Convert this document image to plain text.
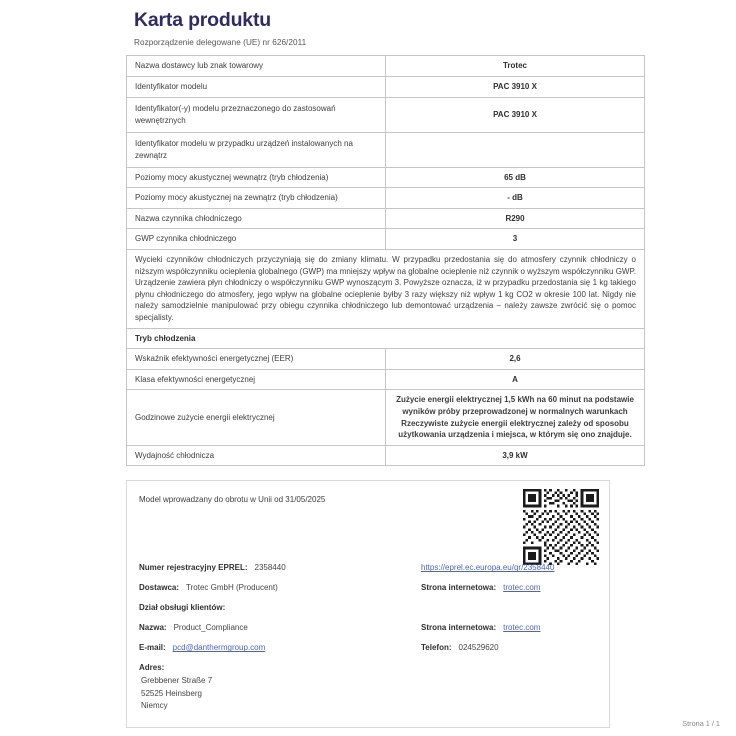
Karta produktu
Rozporządzenie delegowane (UE) nr 626/2011
Nazwa dostawcy lub znak towarowy	Trotec
Identyfikator modelu	PAC 3910 X
Identyfikator(-y) modelu przeznaczonego do zastosowań wewnętrznych	PAC 3910 X
Identyfikator modelu w przypadku urządzeń instalowanych na zewnątrz	
Poziomy mocy akustycznej wewnątrz (tryb chłodzenia)	65 dB
Poziomy mocy akustycznej na zewnątrz (tryb chłodzenia)	- dB
Nazwa czynnika chłodniczego	R290
GWP czynnika chłodniczego	3
Wycieki czynników chłodniczych przyczyniają się do zmiany klimatu. W przypadku przedostania się do atmosfery czynnik chłodniczy o niższym współczynniku ocieplenia globalnego (GWP) ma mniejszy wpływ na globalne ocieplenie niż czynnik o wyższym współczynniku GWP. Urządzenie zawiera płyn chłodniczy o współczynniku GWP wynoszącym 3. Powyższe oznacza, iż w przypadku przedostania się 1 kg takiego płynu chłodniczego do atmosfery, jego wpływ na globalne ocieplenie byłby 3 razy większy niż wpływ 1 kg CO2 w okresie 100 lat. Nigdy nie należy samodzielnie manipulować przy obiegu czynnika chłodniczego lub demontować urządzenia – należy zawsze zwrócić się o pomoc specjalisty.	
Tryb chłodzenia	
Wskaźnik efektywności energetycznej (EER)	2,6
Klasa efektywności energetycznej	A
Godzinowe zużycie energii elektrycznej	Zużycie energii elektrycznej 1,5 kWh na 60 minut na podstawie wyników próby przeprowadzonej w normalnych warunkach Rzeczywiste zużycie energii elektrycznej zależy od sposobu użytkowania urządzenia i miejsca, w którym się ono znajduje.
Wydajność chłodnicza	3,9 kW
Model wprowadzany do obrotu w Unii od 31/05/2025
Numer rejestracyjny EPREL: 2358440	https://eprel.ec.europa.eu/qr/2358440
Dostawca: Trotec GmbH (Producent)	Strona internetowa: trotec.com
Dział obsługi klientów:
Nazwa: Product_Compliance	Strona internetowa: trotec.com
E-mail: pcd@danthermgroup.com	Telefon: 024529620
Adres:
Grebbener Straße 7
52525 Heinsberg
Niemcy
Strona 1 / 1
